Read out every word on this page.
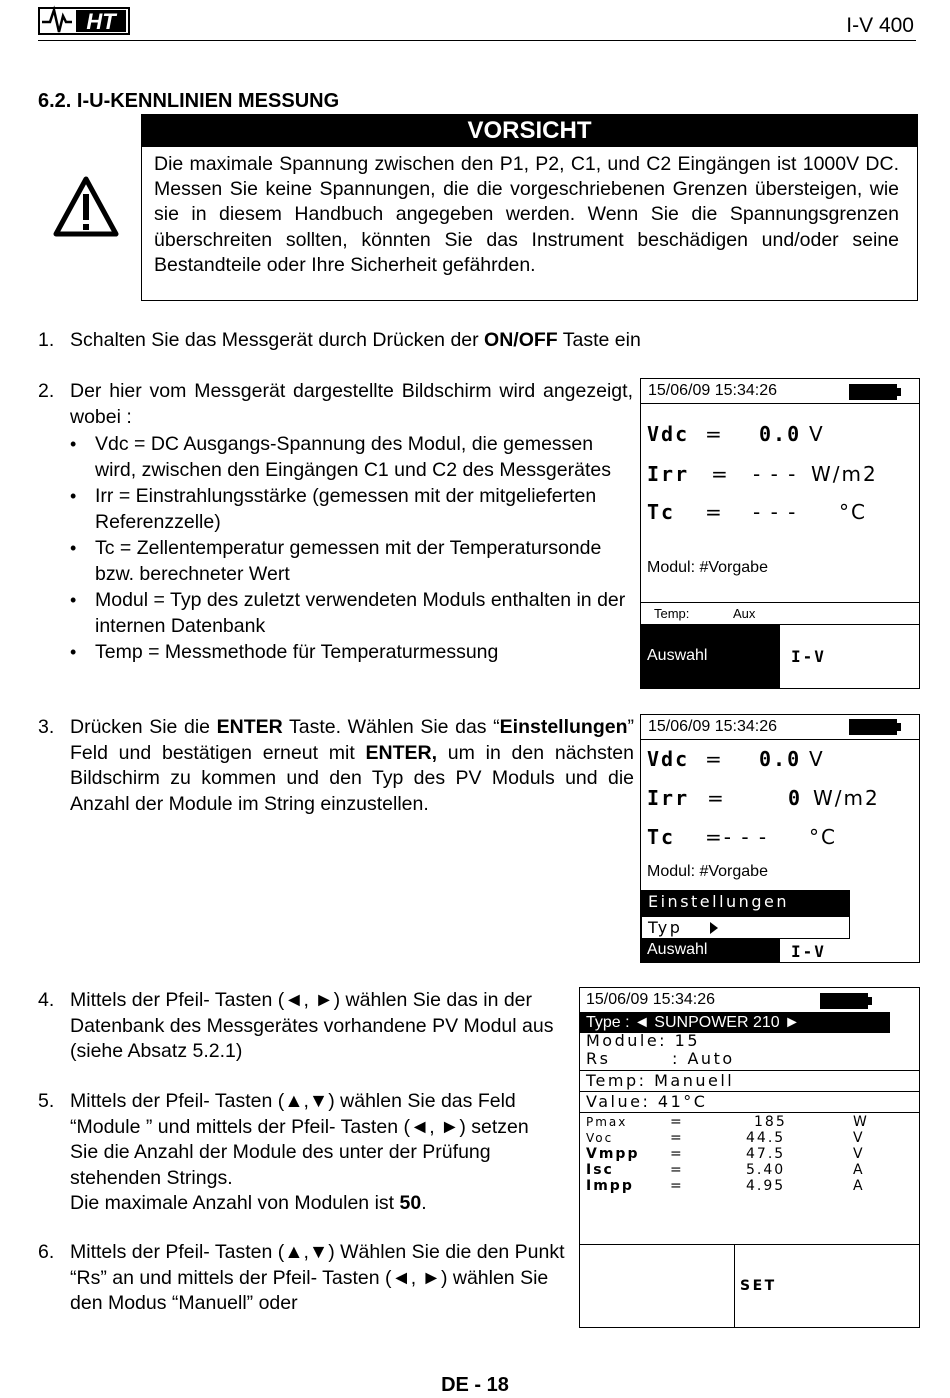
HT	I-V 400
6.2. I-U-KENNLINIEN MESSUNG
VORSICHT
Die maximale Spannung zwischen den P1, P2, C1, und C2 Eingängen ist 1000V DC. Messen Sie keine Spannungen, die die vorgeschriebenen Grenzen übersteigen, wie sie in diesem Handbuch angegeben werden. Wenn Sie die Spannungsgrenzen überschreiten sollten, könnten Sie das Instrument beschädigen und/oder seine Bestandteile oder Ihre Sicherheit gefährden.
1. Schalten Sie das Messgerät durch Drücken der ON/OFF Taste ein
2. Der hier vom Messgerät dargestellte Bildschirm wird angezeigt, wobei :
• Vdc = DC Ausgangs-Spannung des Modul, die gemessen wird, zwischen den Eingängen C1 und C2 des Messgerätes
• Irr = Einstrahlungsstärke (gemessen mit der mitgelieferten Referenzzelle)
• Tc = Zellentemperatur gemessen mit der Temperatursonde bzw. berechneter Wert
• Modul = Typ des zuletzt verwendeten Moduls enthalten in der internen Datenbank
• Temp = Messmethode für Temperaturmessung
15/06/09 15:34:26
Vdc = 0.0 V
Irr = - - - W/m2
Tc = - - - °C
Modul: #Vorgabe
Temp:	Aux
Auswahl	I-V
3. Drücken Sie die ENTER Taste. Wählen Sie das “Einstellungen” Feld und bestätigen erneut mit ENTER, um in den nächsten Bildschirm zu kommen und den Typ des PV Moduls und die Anzahl der Module im String einzustellen.
15/06/09 15:34:26
Vdc = 0.0 V
Irr =	0 W/m2
Tc =- - - °C
Modul: #Vorgabe
Einstellungen
Typ
Auswahl	I-V
4. Mittels der Pfeil- Tasten (◄, ►) wählen Sie das in der Datenbank des Messgerätes vorhandene PV Modul aus (siehe Absatz 5.2.1)
5. Mittels der Pfeil- Tasten (▲,▼) wählen Sie das Feld “Module ” und mittels der Pfeil- Tasten (◄, ►) setzen Sie die Anzahl der Module des unter der Prüfung stehenden Strings.
Die maximale Anzahl von Modulen ist 50.
6. Mittels der Pfeil- Tasten (▲,▼) Wählen Sie die den Punkt “Rs” an und mittels der Pfeil- Tasten (◄, ►) wählen Sie den Modus “Manuell” oder
15/06/09 15:34:26
Type : ◄ SUNPOWER 210 ►
Module: 15
Rs	: Auto
Temp: Manuell
Value: 41°C
Pmax	=	185	W
Voc	=	44.5	V
Vmpp =	47.5	V
Isc	=	5.40	A
Impp	=	4.95	A
SET
DE - 18
